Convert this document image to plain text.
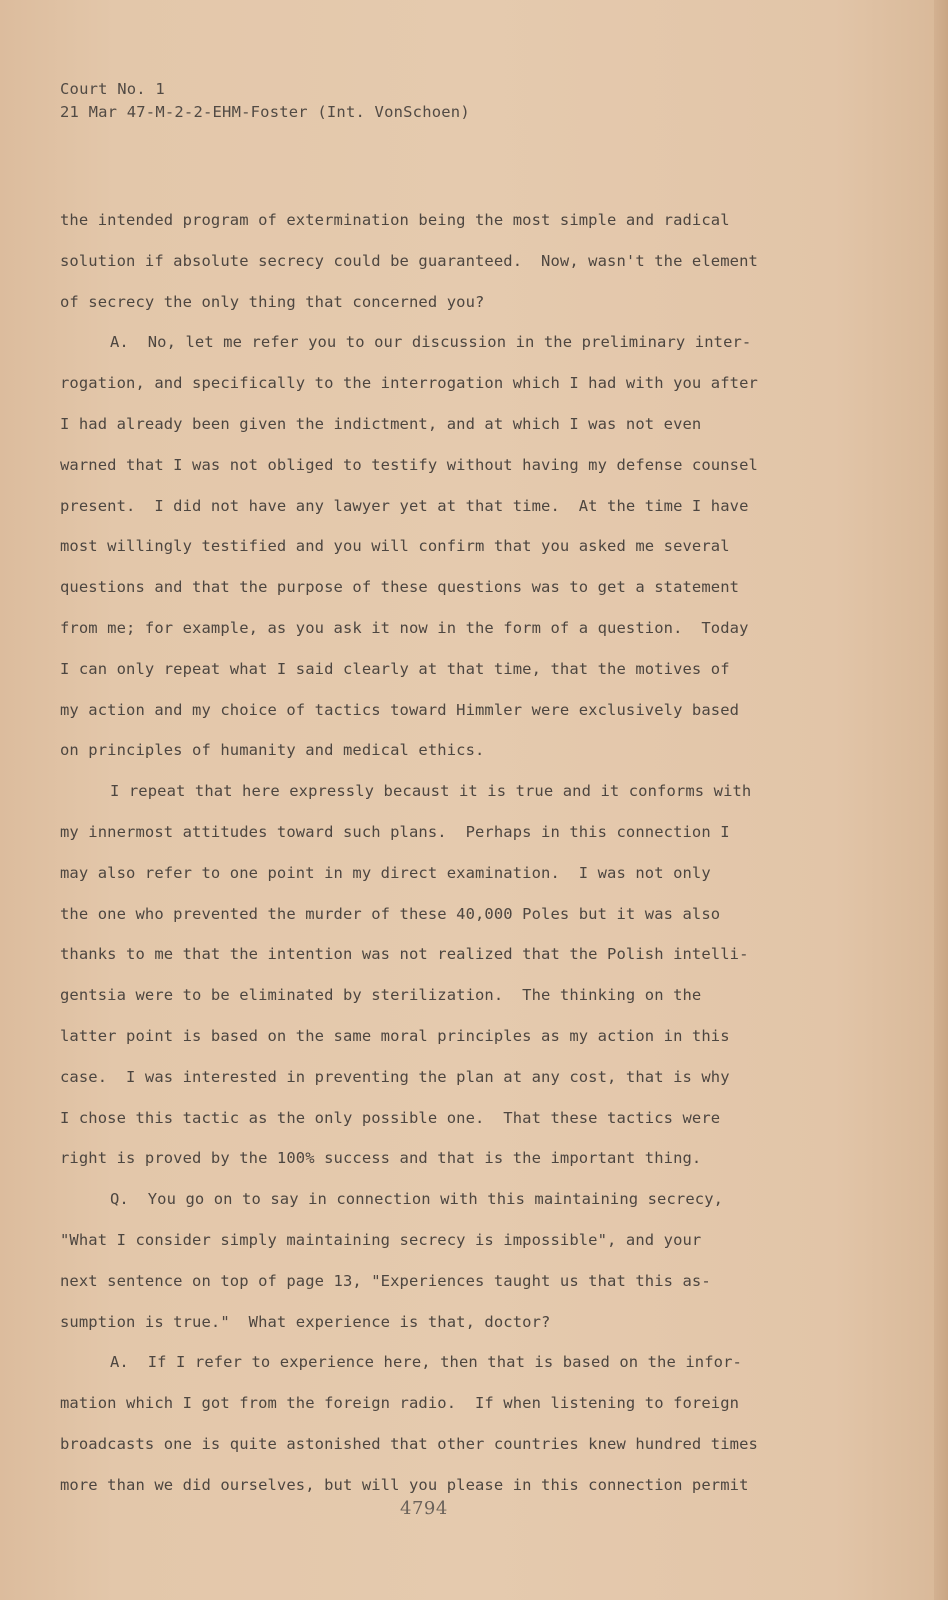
Court No. 1
21 Mar 47-M-2-2-EHM-Foster (Int. VonSchoen)
the intended program of extermination being the most simple and radical
solution if absolute secrecy could be guaranteed.  Now, wasn't the element
of secrecy the only thing that concerned you?
A.  No, let me refer you to our discussion in the preliminary inter-
rogation, and specifically to the interrogation which I had with you after
I had already been given the indictment, and at which I was not even
warned that I was not obliged to testify without having my defense counsel
present.  I did not have any lawyer yet at that time.  At the time I have
most willingly testified and you will confirm that you asked me several
questions and that the purpose of these questions was to get a statement
from me; for example, as you ask it now in the form of a question.  Today
I can only repeat what I said clearly at that time, that the motives of
my action and my choice of tactics toward Himmler were exclusively based
on principles of humanity and medical ethics.
I repeat that here expressly becaust it is true and it conforms with
my innermost attitudes toward such plans.  Perhaps in this connection I
may also refer to one point in my direct examination.  I was not only
the one who prevented the murder of these 40,000 Poles but it was also
thanks to me that the intention was not realized that the Polish intelli-
gentsia were to be eliminated by sterilization.  The thinking on the
latter point is based on the same moral principles as my action in this
case.  I was interested in preventing the plan at any cost, that is why
I chose this tactic as the only possible one.  That these tactics were
right is proved by the 100% success and that is the important thing.
Q.  You go on to say in connection with this maintaining secrecy,
"What I consider simply maintaining secrecy is impossible", and your
next sentence on top of page 13, "Experiences taught us that this as-
sumption is true."  What experience is that, doctor?
A.  If I refer to experience here, then that is based on the infor-
mation which I got from the foreign radio.  If when listening to foreign
broadcasts one is quite astonished that other countries knew hundred times
more than we did ourselves, but will you please in this connection permit
4794
